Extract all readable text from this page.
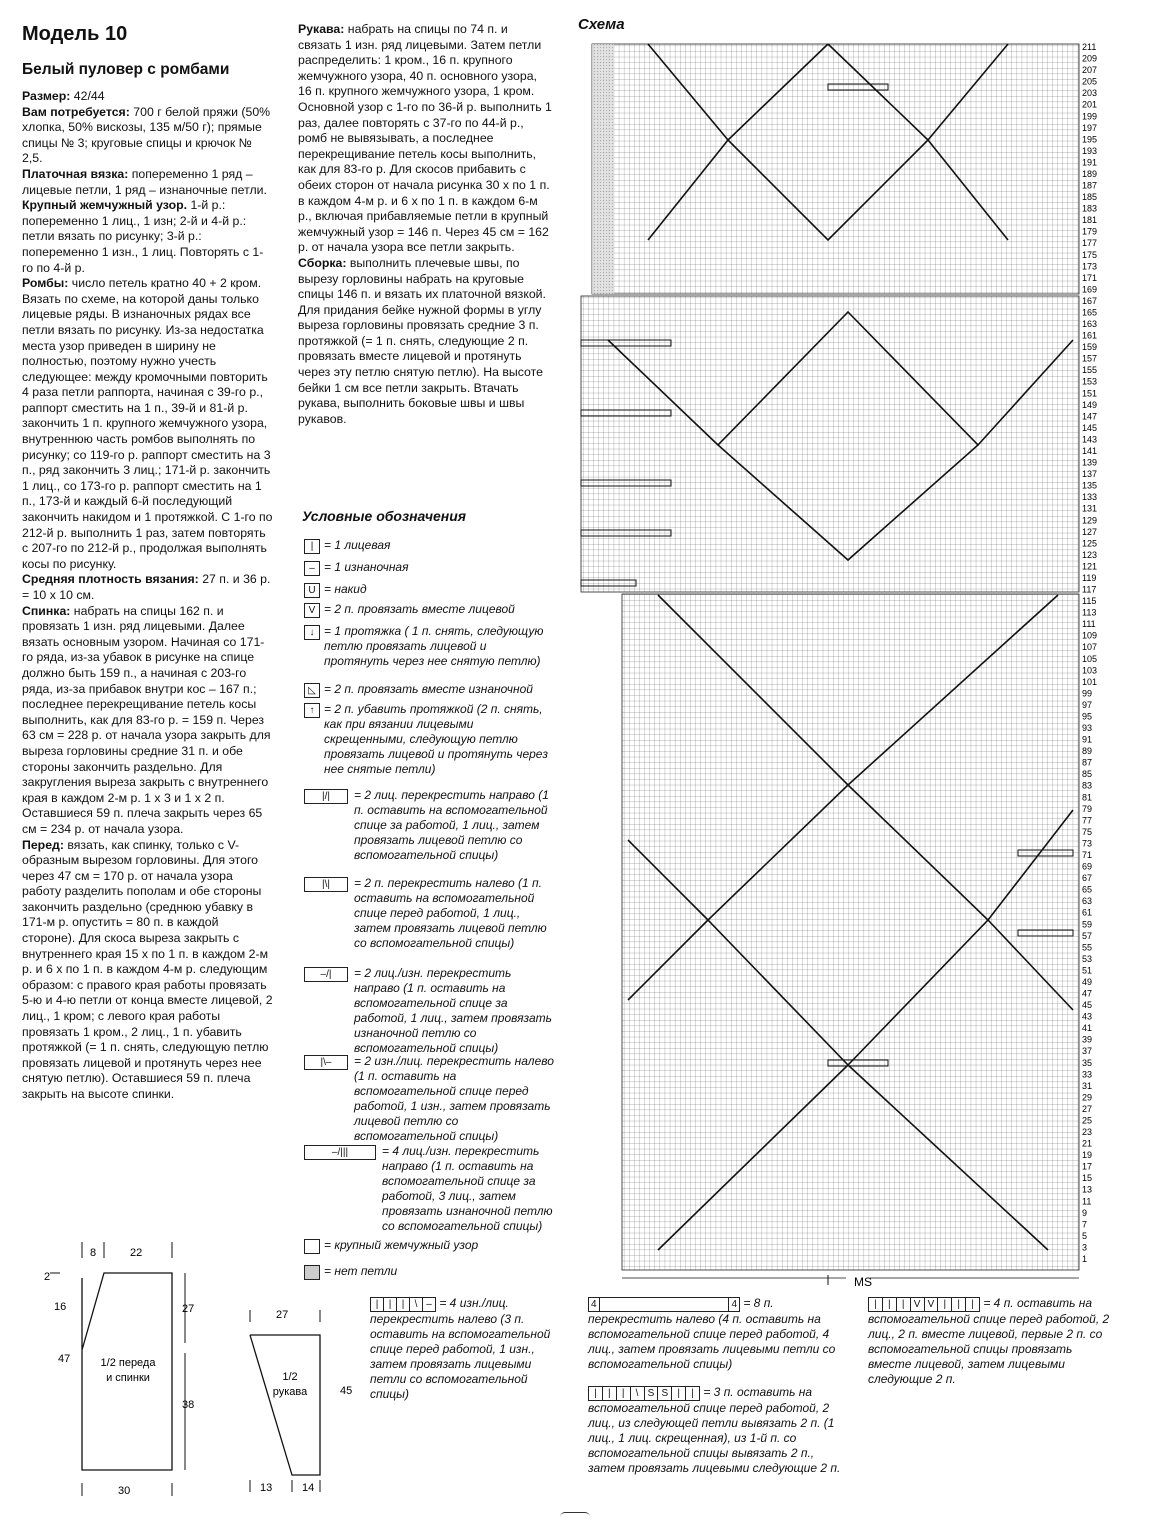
Модель 10
Белый пуловер с ромбами

Размер: 42/44

Вам потребуется: 700 г белой пряжи (50% хлопка, 50% вискозы, 135 м/50 г); прямые спицы № 3; круговые спицы и крючок № 2,5.

Платочная вязка: попеременно 1 ряд – лицевые петли, 1 ряд – изнаночные петли.

Крупный жемчужный узор. 1-й р.: попеременно 1 лиц., 1 изн; 2-й и 4-й р.: петли вязать по рисунку; 3-й р.: попеременно 1 изн., 1 лиц. Повторять с 1-го по 4-й р.

Ромбы: число петель кратно 40 + 2 кром. Вязать по схеме, на которой даны только лицевые ряды. В изнаночных рядах все петли вязать по рисунку. Из-за недостатка места узор приведен в ширину не полностью, поэтому нужно учесть следующее: между кромочными повторить 4 раза петли раппорта, начиная с 39-го р., раппорт сместить на 1 п., 39-й и 81-й р. закончить 1 п. крупного жемчужного узора, внутреннюю часть ромбов выполнять по рисунку; со 119-го р. раппорт сместить на 3 п., ряд закончить 3 лиц.; 171-й р. закончить 1 лиц., со 173-го р. раппорт сместить на 1 п., 173-й и каждый 6-й последующий закончить накидом и 1 протяжкой. С 1-го по 212-й р. выполнить 1 раз, затем повторять с 207-го по 212-й р., продолжая выполнять косы по рисунку.

Средняя плотность вязания: 27 п. и 36 р. = 10 х 10 см.

Спинка: набрать на спицы 162 п. и провязать 1 изн. ряд лицевыми. Далее вязать основным узором. Начиная со 171-го ряда, из-за убавок в рисунке на спице должно быть 159 п., а начиная с 203-го ряда, из-за прибавок внутри кос – 167 п.; последнее перекрещивание петель косы выполнить, как для 83-го р. = 159 п. Через 63 см = 228 р. от начала узора закрыть для выреза горловины средние 31 п. и обе стороны закончить раздельно. Для закругления выреза закрыть с внутреннего края в каждом 2-м р. 1 х 3 и 1 х 2 п. Оставшиеся 59 п. плеча закрыть через 65 см = 234 р. от начала узора.

Перед: вязать, как спинку, только с V-образным вырезом горловины. Для этого через 47 см = 170 р. от начала узора работу разделить пополам и обе стороны закончить раздельно (среднюю убавку в 171-м р. опустить = 80 п. в каждой стороне). Для скоса выреза закрыть с внутреннего края 15 х по 1 п. в каждом 2-м р. и 6 х по 1 п. в каждом 4-м р. следующим образом: с правого края работы провязать 5-ю и 4-ю петли от конца вместе лицевой, 2 лиц., 1 кром; с левого края работы провязать 1 кром., 2 лиц., 1 п. убавить протяжкой (= 1 п. снять, следующую петлю провязать лицевой и протянуть через нее снятую петлю). Оставшиеся 59 п. плеча закрыть на высоте спинки.

Рукава: набрать на спицы по 74 п. и связать 1 изн. ряд лицевыми. Затем петли распределить: 1 кром., 16 п. крупного жемчужного узора, 40 п. основного узора, 16 п. крупного жемчужного узора, 1 кром. Основной узор с 1-го по 36-й р. выполнить 1 раз, далее повторять с 37-го по 44-й р., ромб не вывязывать, а последнее перекрещивание петель косы выполнить, как для 83-го р. Для скосов прибавить с обеих сторон от начала рисунка 30 х по 1 п. в каждом 4-м р. и 6 х по 1 п. в каждом 6-м р., включая прибавляемые петли в крупный жемчужный узор = 146 п. Через 45 см = 162 р. от начала узора все петли закрыть.

Сборка: выполнить плечевые швы, по вырезу горловины набрать на круговые спицы 146 п. и вязать их платочной вязкой. Для придания бейке нужной формы в углу выреза горловины провязать средние 3 п. протяжкой (= 1 п. снять, следующие 2 п. провязать вместе лицевой и протянуть через эту петлю снятую петлю). На высоте бейки 1 см все петли закрыть. Втачать рукава, выполнить боковые швы и швы рукавов.

Условные обозначения
| = 1 лицевая
– = 1 изнаночная
U = накид
V = 2 п. провязать вместе лицевой
↓ = 1 протяжка ( 1 п. снять, следующую петлю провязать лицевой и протянуть через нее снятую петлю)
◺ = 2 п. провязать вместе изнаночной
↑ = 2 п. убавить протяжкой (2 п. снять, как при вязании лицевыми скрещенными, следующую петлю провязать лицевой и протянуть через нее снятые петли)
|/|	= 2 лиц. перекрестить направо (1 п. оставить на вспомогательной спице за работой, 1 лиц., затем провязать лицевой петлю со вспомогательной спицы)
|\|	= 2 п. перекрестить налево (1 п. оставить на вспомогательной спице перед работой, 1 лиц., затем провязать лицевой петлю со вспомогательной спицы)
–/|	= 2 лиц./изн. перекрестить направо (1 п. оставить на вспомогательной спице за работой, 1 лиц., затем провязать изнаночной петлю со вспомогательной спицы)
|\–	= 2 изн./лиц. перекрестить налево (1 п. оставить на вспомогательной спице перед работой, 1 изн., затем провязать лицевой петлю со вспомогательной спицы)
–/|||	= 4 лиц./изн. перекрестить направо (1 п. оставить на вспомогательной спице за работой, 3 лиц., затем провязать изнаночной петлю со вспомогательной спицы)
= крупный жемчужный узор
= нет петли
|	|	|	\ – = 4 изн./лиц. перекрестить налево (3 п. оставить на вспомогательной спице перед работой, 1 изн., затем провязать лицевыми петли со вспомогательной спицы)
Схема
MS
211
209
207
205
203
201
199
197
195
193
191
189
187
185
183
181
179
177
175
173
171
169
167
165
163
161
159
157
155
153
151
149
147
145
143
141
139
137
135
133
131
129
127
125
123
121
119
117
115
113
111
109
107
105
103
101
99
97
95
93
91
89
87
85
83
81
79
77
75
73
71
69
67
65
63
61
59
57
55
53
51
49
47
45
43
41
39
37
35
33
31
29
27
25
23
21
19
17
15
13
11
9
7
5
3
1
4	4 = 8 п. перекрестить налево (4 п. оставить на вспомогательной спице перед работой, 4 лиц., затем провязать лицевыми петли со вспомогательной спицы)
|	|	|	\ S S |	| = 3 п. оставить на вспомогательной спице перед работой, 2 лиц., из следующей петли вывязать 2 п. (1 лиц., 1 лиц. скрещенная), из 1-й п. со вспомогательной спицы вывязать 2 п., затем провязать лицевыми следующие 2 п.
|	|	| V V |	|	| = 4 п. оставить на вспомогательной спице перед работой, 2 лиц., 2 п. вместе лицевой, первые 2 п. со вспомогательной спицы провязать вместе лицевой, затем лицевыми следующие 2 п.
8	22
2
16	27
47
38
30
1/2 переда
и спинки
27
45
13	14
1/2
рукава
